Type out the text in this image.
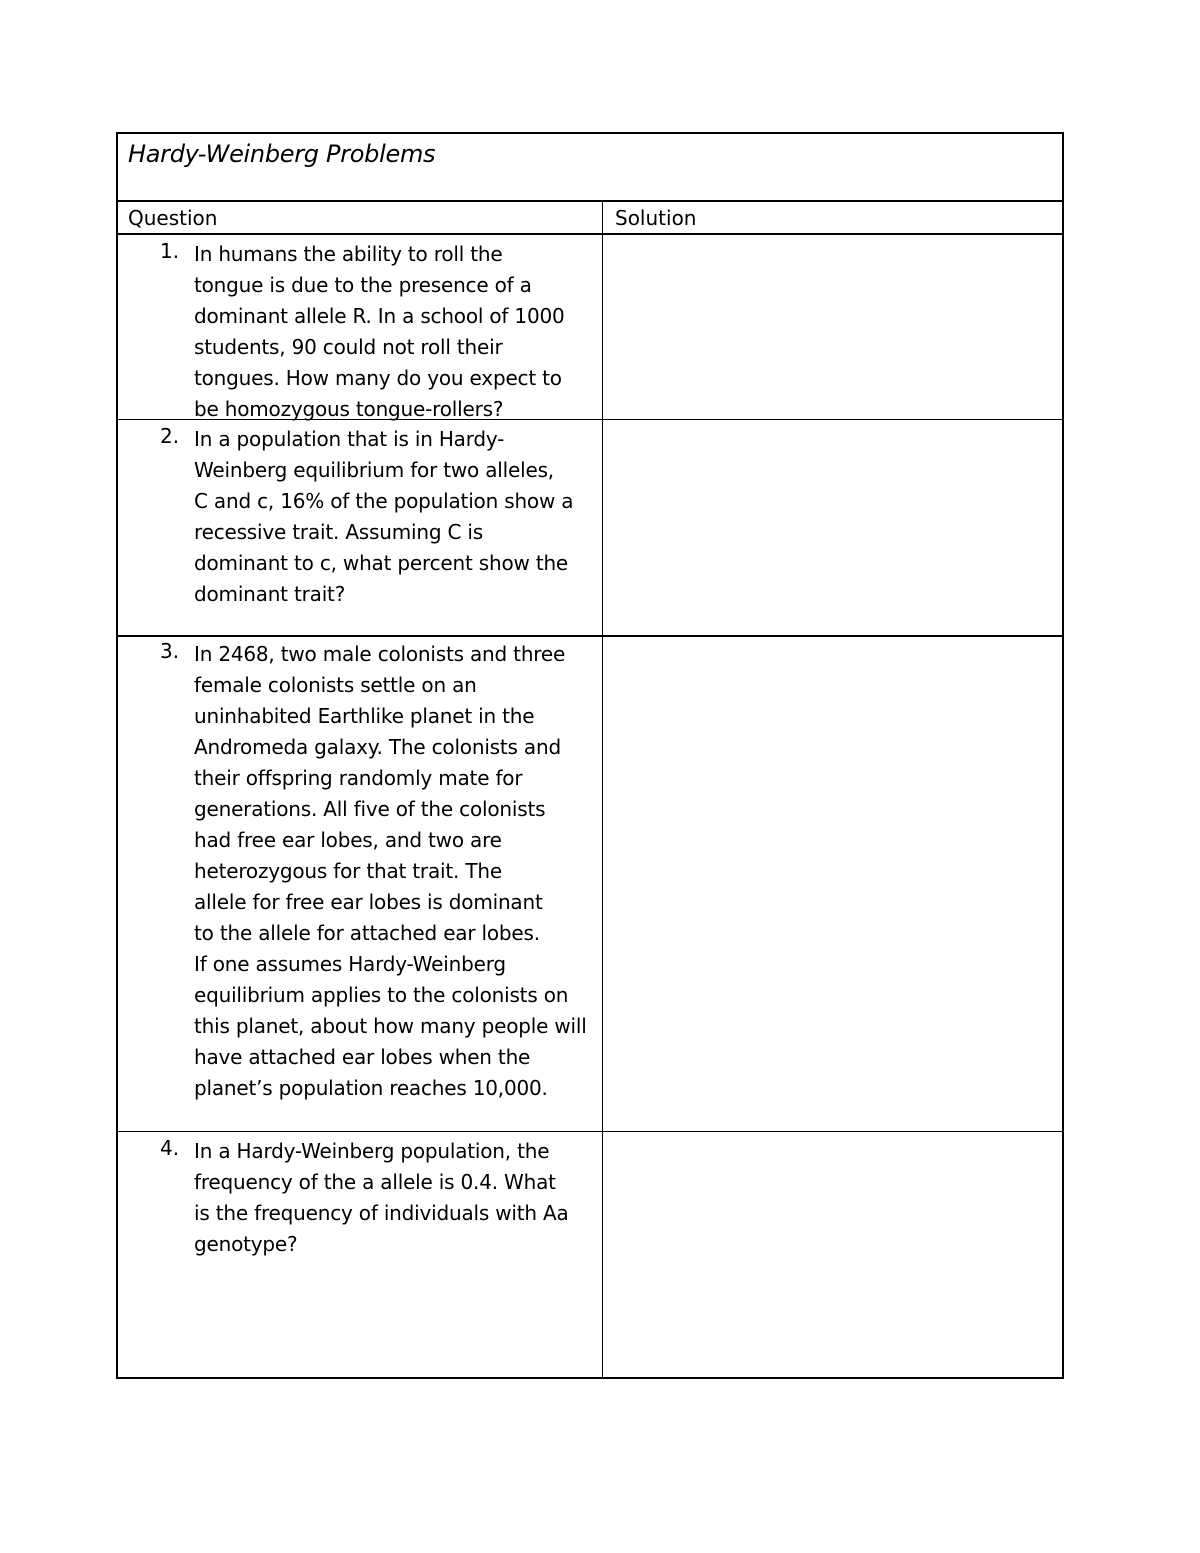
Hardy-Weinberg Problems
Question	Solution
1. In humans the ability to roll the
tongue is due to the presence of a
dominant allele R. In a school of 1000
students, 90 could not roll their
tongues. How many do you expect to
be homozygous tongue-rollers?
2. In a population that is in Hardy-
Weinberg equilibrium for two alleles,
C and c, 16% of the population show a
recessive trait. Assuming C is
dominant to c, what percent show the
dominant trait?
3. In 2468, two male colonists and three
female colonists settle on an
uninhabited Earthlike planet in the
Andromeda galaxy. The colonists and
their offspring randomly mate for
generations. All five of the colonists
had free ear lobes, and two are
heterozygous for that trait. The
allele for free ear lobes is dominant
to the allele for attached ear lobes.
If one assumes Hardy-Weinberg
equilibrium applies to the colonists on
this planet, about how many people will
have attached ear lobes when the
planet’s population reaches 10,000.
4. In a Hardy-Weinberg population, the
frequency of the a allele is 0.4. What
is the frequency of individuals with Aa
genotype?
